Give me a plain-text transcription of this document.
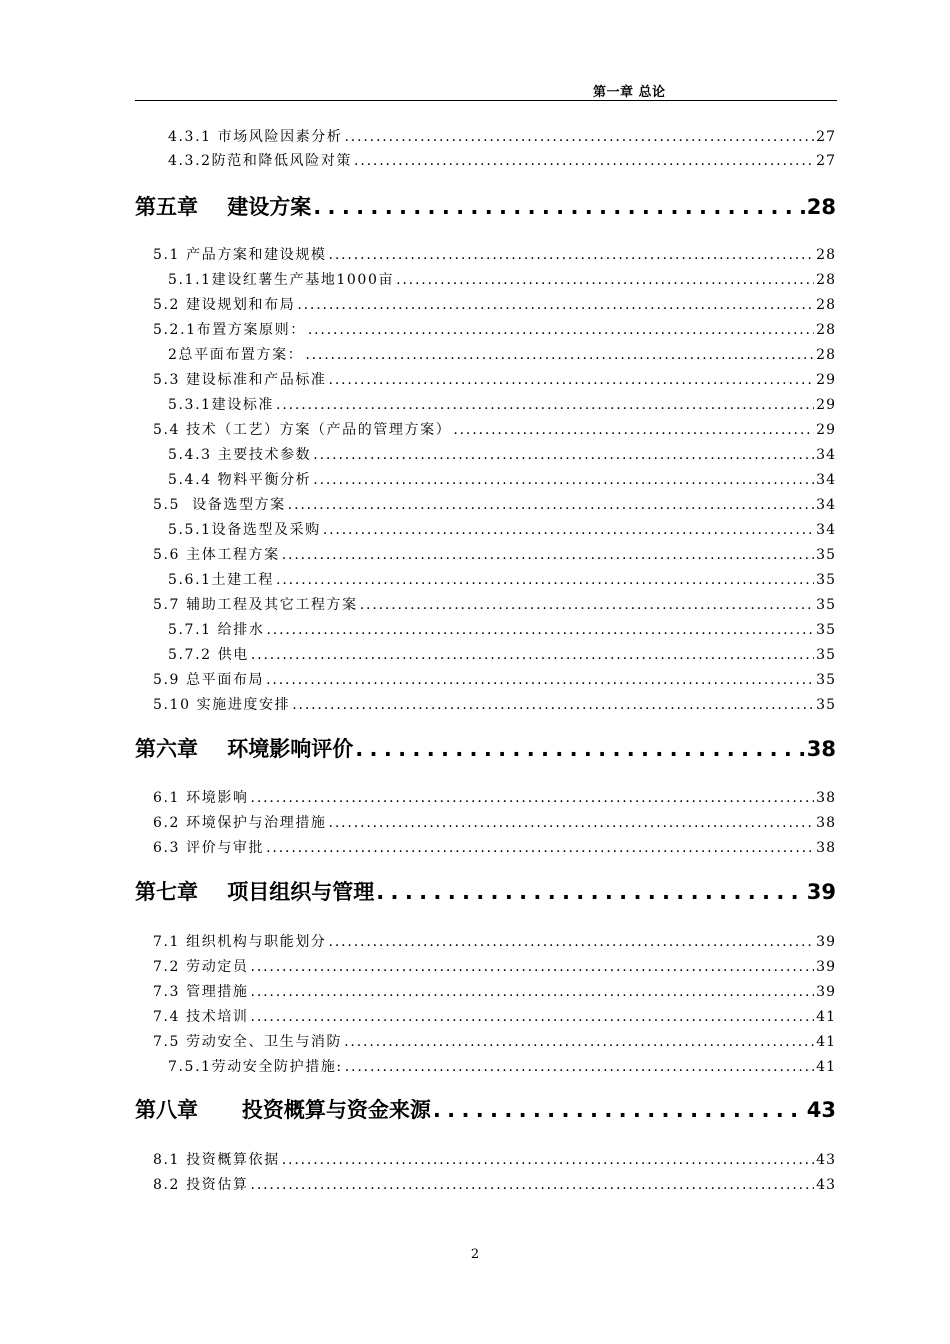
第一章 总论
4.3.1 市场风险因素分析 . . .	27
4.3.2防范和降低风险对策 . . .	27
第五章    建设方案 . . .	28
5.1 产品方案和建设规模 . . .	28
5.1.1建设红薯生产基地1000亩 . . .	28
5.2 建设规划和布局 . . .	28
5.2.1布置方案原则： . . .	28
2总平面布置方案： . . .	28
5.3 建设标准和产品标准 . . .	29
5.3.1建设标准 . . .	29
5.4 技术（工艺）方案（产品的管理方案） . . .	29
5.4.3 主要技术参数 . . .	34
5.4.4 物料平衡分析 . . .	34
5.5  设备选型方案 . . .	34
5.5.1设备选型及采购 . . .	34
5.6 主体工程方案 . . .	35
5.6.1土建工程 . . .	35
5.7 辅助工程及其它工程方案 . . .	35
5.7.1 给排水 . . .	35
5.7.2 供电 . . .	35
5.9 总平面布局 . . .	35
5.10 实施进度安排 . . .	35
第六章    环境影响评价 . . .	38
6.1 环境影响 . . .	38
6.2 环境保护与治理措施 . . .	38
6.3 评价与审批 . . .	38
第七章    项目组织与管理 . . .	39
7.1 组织机构与职能划分 . . .	39
7.2 劳动定员 . . .	39
7.3 管理措施 . . .	39
7.4 技术培训 . . .	41
7.5 劳动安全、卫生与消防 . . .	41
7.5.1劳动安全防护措施: . . .	41
第八章      投资概算与资金来源 . . .	43
8.1 投资概算依据 . . .	43
8.2 投资估算 . . .	43
2
